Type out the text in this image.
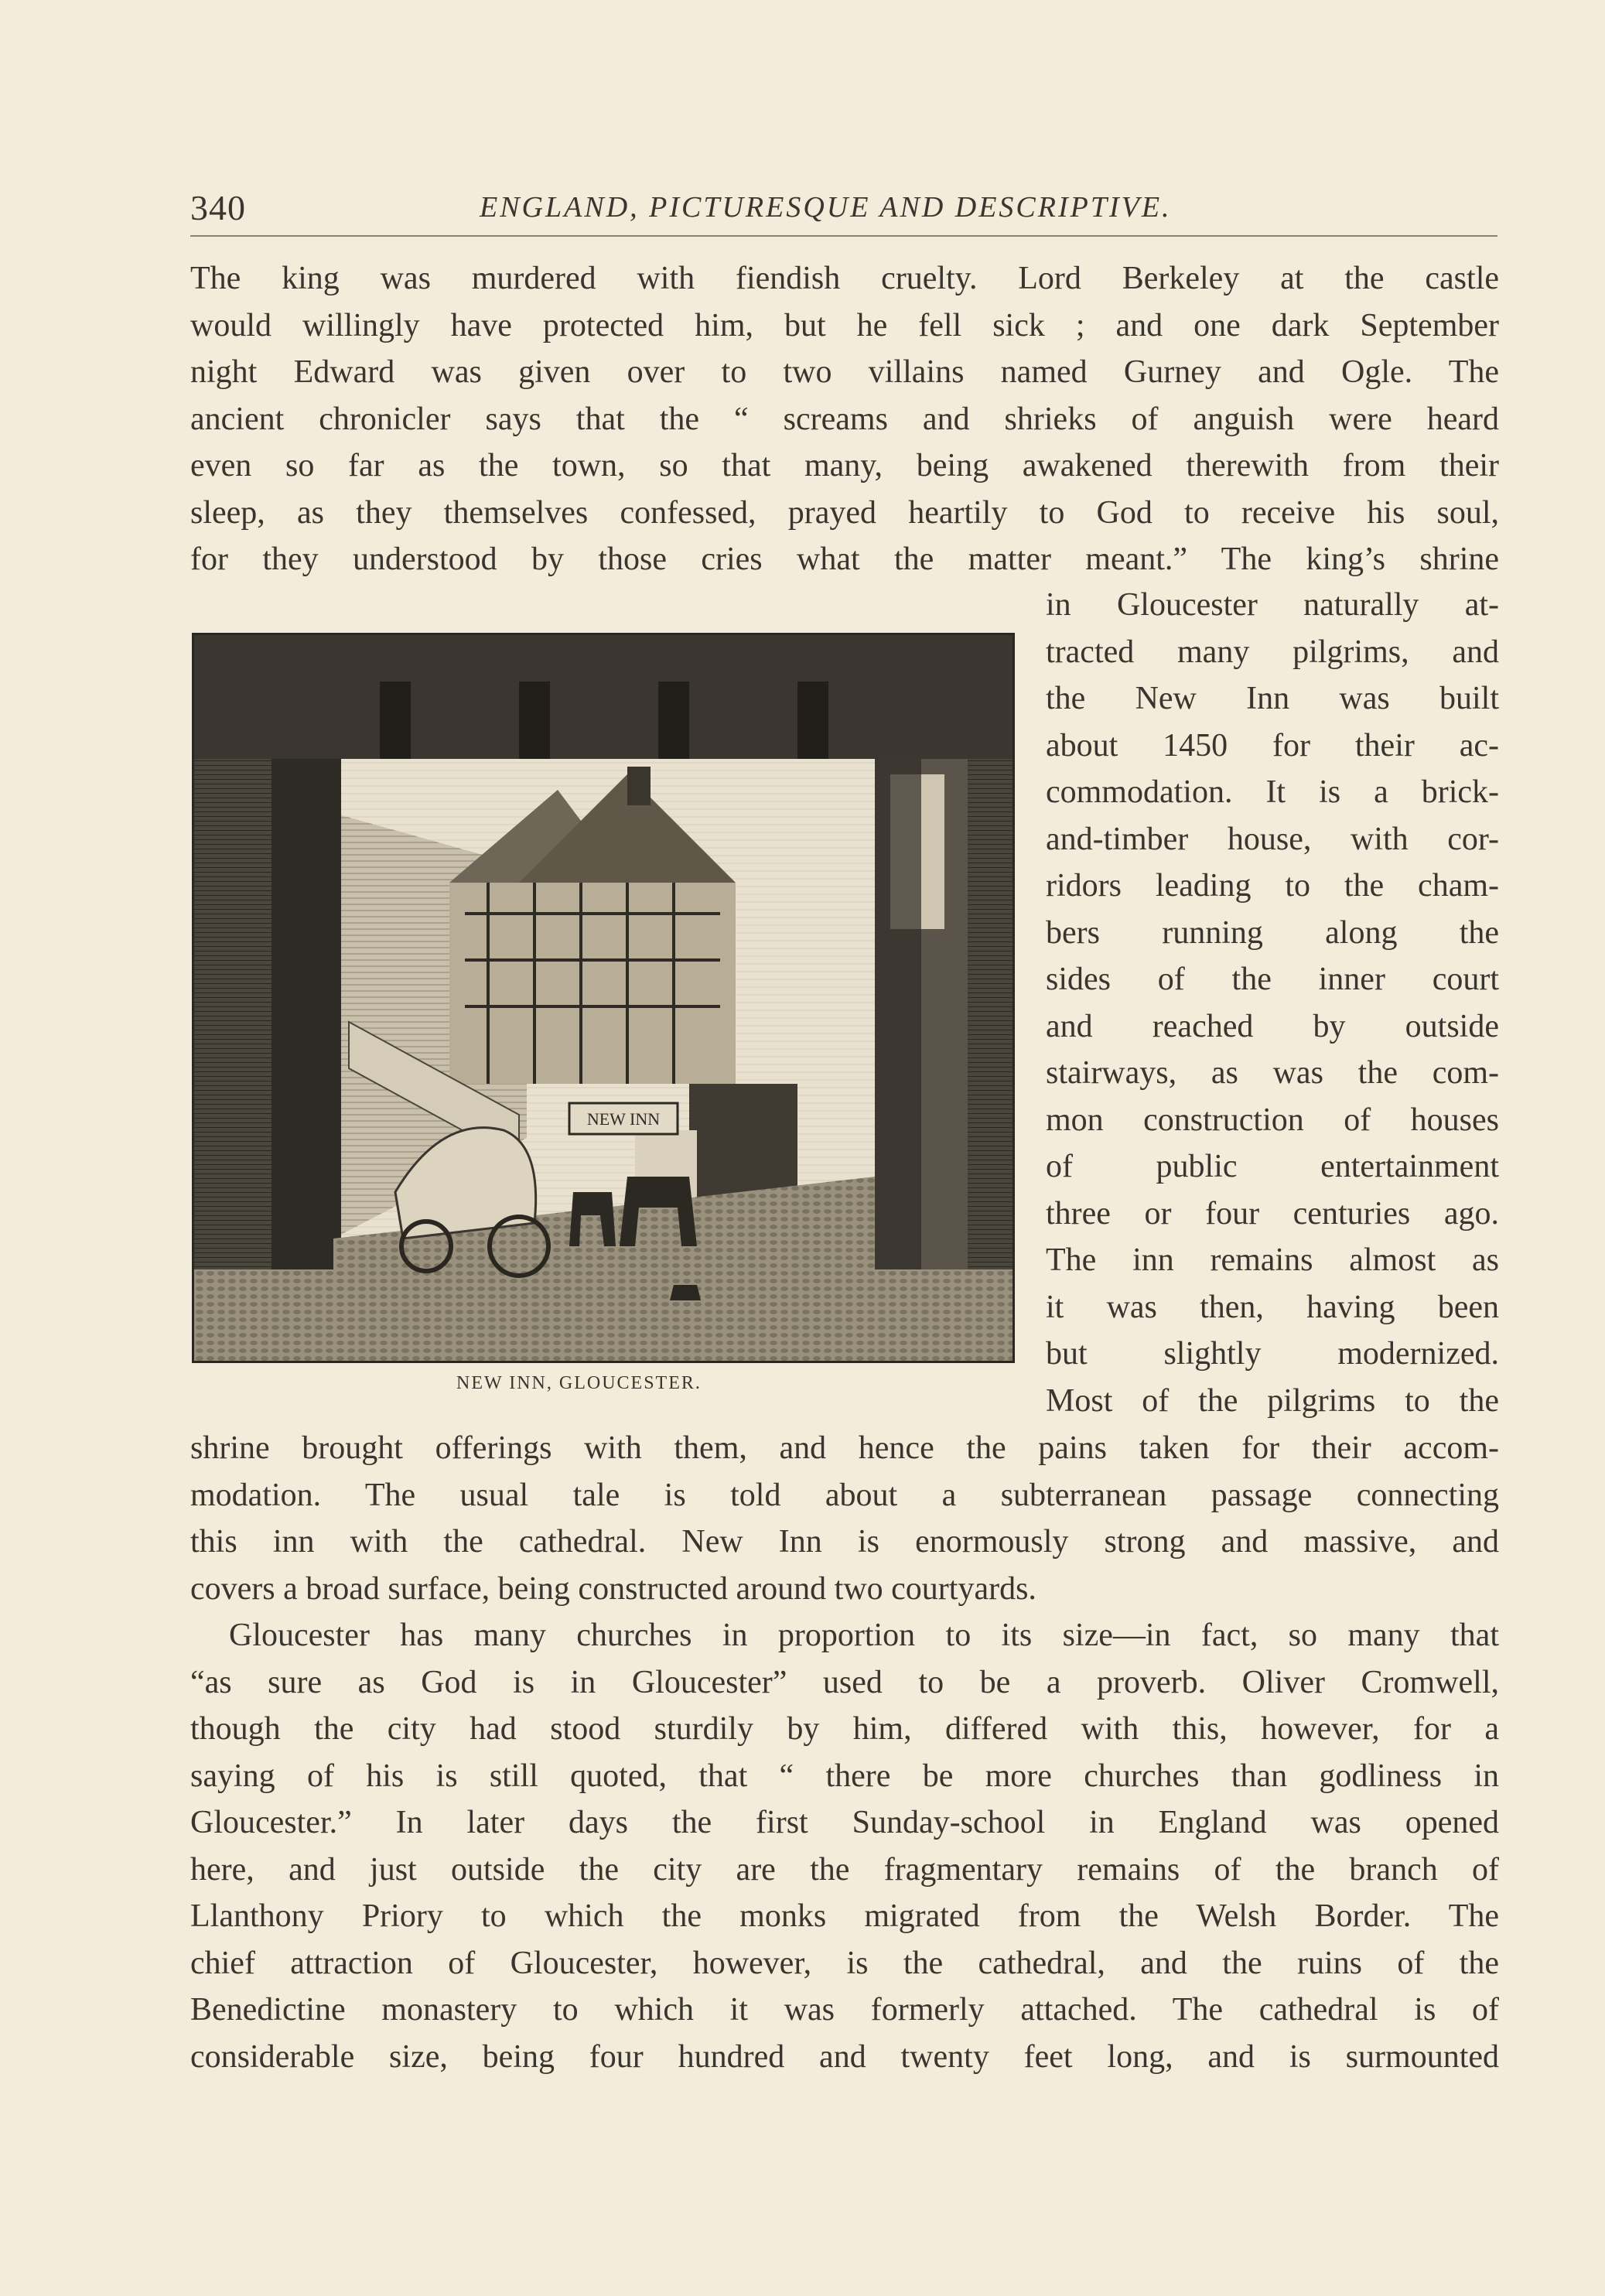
340	ENGLAND, PICTURESQUE AND DESCRIPTIVE.
The king was murdered with fiendish cruelty. Lord Berkeley at the castle
would willingly have protected him, but he fell sick ; and one dark September
night Edward was given over to two villains named Gurney and Ogle. The
ancient chronicler says that the “ screams and shrieks of anguish were heard
even so far as the town, so that many, being awakened therewith from their
sleep, as they themselves confessed, prayed heartily to God to receive his soul,
for they understood by those cries what the matter meant.” The king’s shrine
NEW INN
NEW INN, GLOUCESTER.
in Gloucester naturally at-
tracted many pilgrims, and
the New Inn was built
about 1450 for their ac-
commodation. It is a brick-
and-timber house, with cor-
ridors leading to the cham-
bers running along the
sides of the inner court
and reached by outside
stairways, as was the com-
mon construction of houses
of public entertainment
three or four centuries ago.
The inn remains almost as
it was then, having been
but slightly modernized.
Most of the pilgrims to the
shrine brought offerings with them, and hence the pains taken for their accom-
modation. The usual tale is told about a subterranean passage connecting
this inn with the cathedral. New Inn is enormously strong and massive, and
covers a broad surface, being constructed around two courtyards.
Gloucester has many churches in proportion to its size—in fact, so many that
“as sure as God is in Gloucester” used to be a proverb. Oliver Cromwell,
though the city had stood sturdily by him, differed with this, however, for a
saying of his is still quoted, that “ there be more churches than godliness in
Gloucester.” In later days the first Sunday-school in England was opened
here, and just outside the city are the fragmentary remains of the branch of
Llanthony Priory to which the monks migrated from the Welsh Border. The
chief attraction of Gloucester, however, is the cathedral, and the ruins of the
Benedictine monastery to which it was formerly attached. The cathedral is of
considerable size, being four hundred and twenty feet long, and is surmounted
